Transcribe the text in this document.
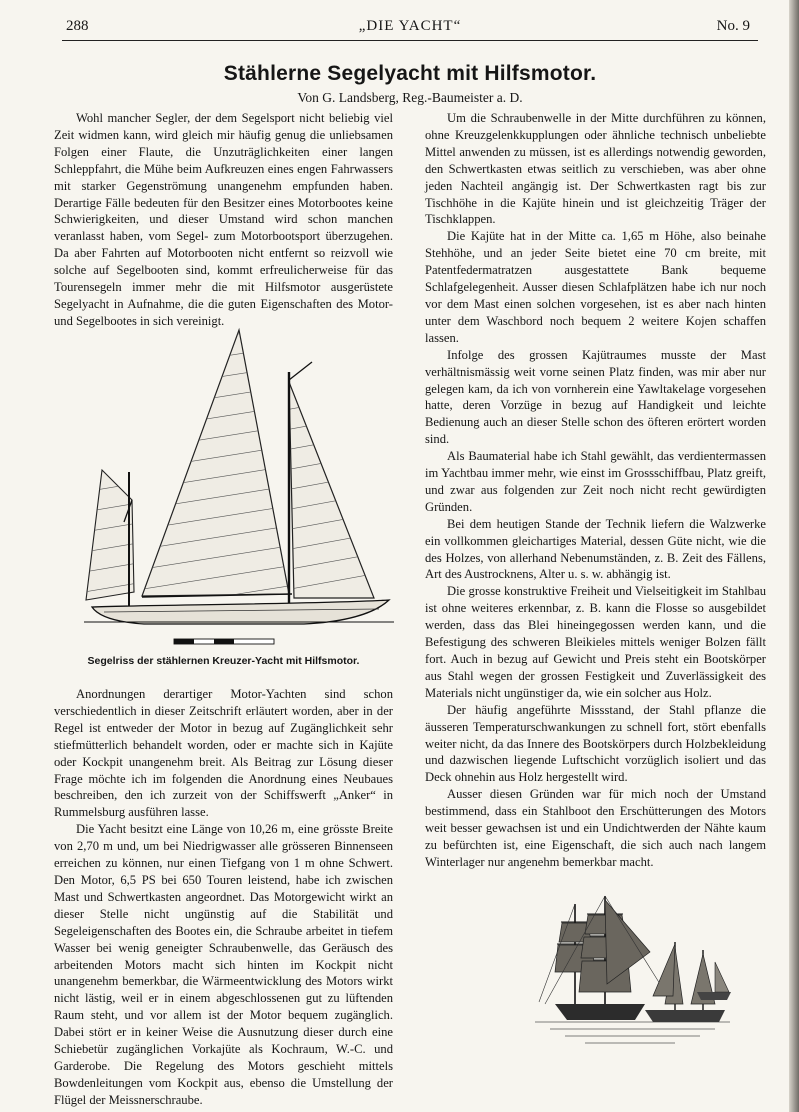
288	„DIE YACHT“	No. 9
Stählerne Segelyacht mit Hilfsmotor.
Von G. Landsberg, Reg.-Baumeister a. D.

Wohl mancher Segler, der dem Segelsport nicht beliebig viel Zeit widmen kann, wird gleich mir häufig genug die unliebsamen Folgen einer Flaute, die Unzuträglichkeiten einer langen Schleppfahrt, die Mühe beim Aufkreuzen eines engen Fahrwassers mit starker Gegenströmung unangenehm empfunden haben. Derartige Fälle bedeuten für den Besitzer eines Motorbootes keine Schwierigkeiten, und dieser Umstand wird schon manchen veranlasst haben, vom Segel- zum Motorbootsport überzugehen. Da aber Fahrten auf Motorbooten nicht entfernt so reizvoll wie solche auf Segelbooten sind, kommt erfreulicherweise für das Tourensegeln immer mehr die mit Hilfsmotor ausgerüstete Segelyacht in Aufnahme, die die guten Eigenschaften des Motor- und Segelbootes in sich vereinigt.

Segelriss der stählernen Kreuzer-Yacht mit Hilfsmotor.

Anordnungen derartiger Motor-Yachten sind schon verschiedentlich in dieser Zeitschrift erläutert worden, aber in der Regel ist entweder der Motor in bezug auf Zugänglichkeit sehr stiefmütterlich behandelt worden, oder er machte sich in Kajüte oder Kockpit unangenehm breit. Als Beitrag zur Lösung dieser Frage möchte ich im folgenden die Anordnung eines Neubaues beschreiben, den ich zurzeit von der Schiffswerft „Anker“ in Rummelsburg ausführen lasse.

Die Yacht besitzt eine Länge von 10,26 m, eine grösste Breite von 2,70 m und, um bei Niedrigwasser alle grösseren Binnenseen erreichen zu können, nur einen Tiefgang von 1 m ohne Schwert. Den Motor, 6,5 PS bei 650 Touren leistend, habe ich zwischen Mast und Schwertkasten angeordnet. Das Motorgewicht wirkt an dieser Stelle nicht ungünstig auf die Stabilität und Segeleigenschaften des Bootes ein, die Schraube arbeitet in tiefem Wasser bei wenig geneigter Schraubenwelle, das Geräusch des arbeitenden Motors macht sich hinten im Kockpit nicht unangenehm bemerkbar, die Wärmeentwicklung des Motors wirkt nicht lästig, weil er in einem abgeschlossenen gut zu lüftenden Raum steht, und vor allem ist der Motor bequem zugänglich. Dabei stört er in keiner Weise die Ausnutzung dieser durch eine Schiebetür zugänglichen Vorkajüte als Kochraum, W.-C. und Garderobe. Die Regelung des Motors geschieht mittels Bowdenleitungen vom Kockpit aus, ebenso die Umstellung der Flügel der Meissnerschraube.

Um die Schraubenwelle in der Mitte durchführen zu können, ohne Kreuzgelenkkupplungen oder ähnliche technisch unbeliebte Mittel anwenden zu müssen, ist es allerdings notwendig geworden, den Schwertkasten etwas seitlich zu verschieben, was aber ohne jeden Nachteil angängig ist. Der Schwertkasten ragt bis zur Tischhöhe in die Kajüte hinein und ist gleichzeitig Träger der Tischklappen.

Die Kajüte hat in der Mitte ca. 1,65 m Höhe, also beinahe Stehhöhe, und an jeder Seite bietet eine 70 cm breite, mit Patentfedermatratzen ausgestattete Bank bequeme Schlafgelegenheit. Ausser diesen Schlafplätzen habe ich nur noch vor dem Mast einen solchen vorgesehen, ist es aber nach hinten unter dem Waschbord noch bequem 2 weitere Kojen schaffen lassen.

Infolge des grossen Kajütraumes musste der Mast verhältnismässig weit vorne seinen Platz finden, was mir aber nur gelegen kam, da ich von vornherein eine Yawltakelage vorgesehen hatte, deren Vorzüge in bezug auf Handigkeit und leichte Bedienung auch an dieser Stelle schon des öfteren erörtert worden sind.

Als Baumaterial habe ich Stahl gewählt, das verdientermassen im Yachtbau immer mehr, wie einst im Grossschiffbau, Platz greift, und zwar aus folgenden zur Zeit noch nicht recht gewürdigten Gründen.

Bei dem heutigen Stande der Technik liefern die Walzwerke ein vollkommen gleichartiges Material, dessen Güte nicht, wie die des Holzes, von allerhand Nebenumständen, z. B. Zeit des Fällens, Art des Austrocknens, Alter u. s. w. abhängig ist.

Die grosse konstruktive Freiheit und Vielseitigkeit im Stahlbau ist ohne weiteres erkennbar, z. B. kann die Flosse so ausgebildet werden, dass das Blei hineingegossen werden kann, und die Befestigung des schweren Bleikieles mittels weniger Bolzen fällt fort. Auch in bezug auf Gewicht und Preis steht ein Bootskörper aus Stahl wegen der grossen Festigkeit und Zuverlässigkeit des Materials nicht ungünstiger da, wie ein solcher aus Holz.

Der häufig angeführte Missstand, der Stahl pflanze die äusseren Temperaturschwankungen zu schnell fort, stört ebenfalls weiter nicht, da das Innere des Bootskörpers durch Holzbekleidung und dazwischen liegende Luftschicht vorzüglich isoliert und das Deck ohnehin aus Holz hergestellt wird.

Ausser diesen Gründen war für mich noch der Umstand bestimmend, dass ein Stahlboot den Erschütterungen des Motors weit besser gewachsen ist und ein Undichtwerden der Nähte kaum zu befürchten ist, eine Eigenschaft, die sich auch nach langem Winterlager nur angenehm bemerkbar macht.
